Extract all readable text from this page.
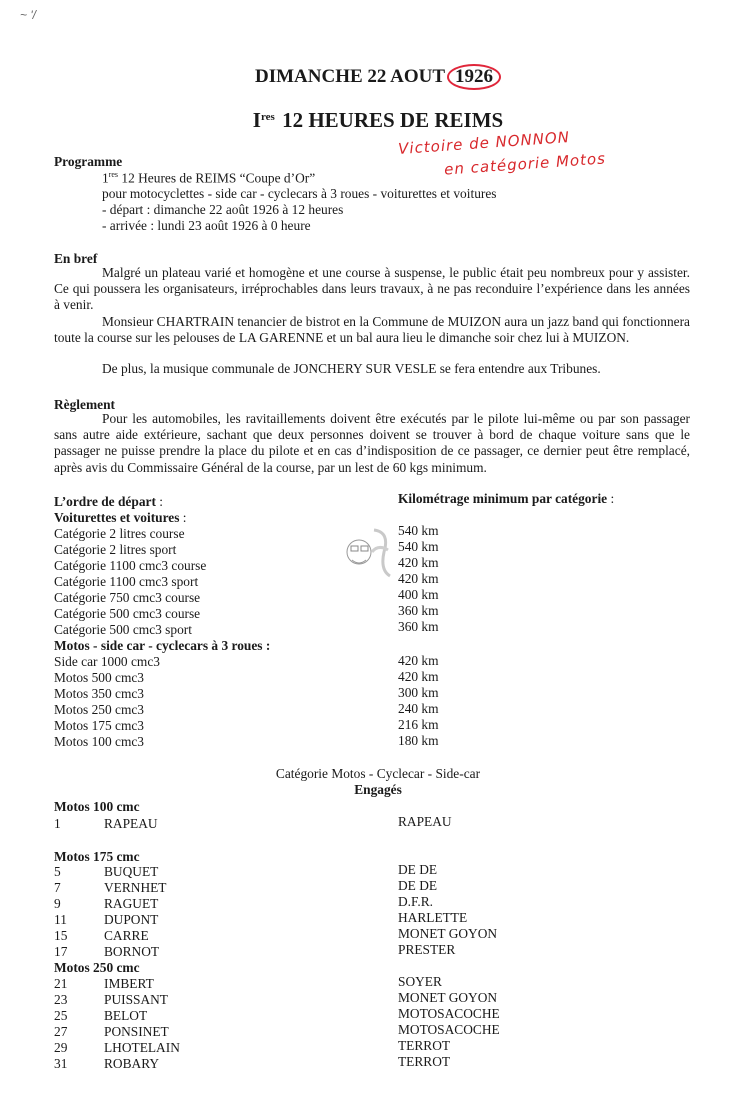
~ '/
DIMANCHE 22 AOUT 1926
Ires 12 HEURES DE REIMS
Victoire de NONNON
en catégorie Motos
Programme
1res 12 Heures de REIMS “Coupe d’Or”
pour motocyclettes - side car - cyclecars à 3 roues - voiturettes et voitures
- départ : dimanche 22 août 1926 à 12 heures
- arrivée : lundi 23 août 1926 à 0 heure
En bref

Malgré un plateau varié et homogène et une course à suspense, le public était peu nombreux pour y assister. Ce qui poussera les organisateurs, irréprochables dans leurs travaux, à ne pas reconduire l’expérience dans les années à venir.

Monsieur CHARTRAIN tenancier de bistrot en la Commune de MUIZON aura un jazz band qui fonctionnera toute la course sur les pelouses de LA GARENNE et un bal aura lieu le dimanche soir chez lui à MUIZON.

De plus, la musique communale de JONCHERY SUR VESLE se fera entendre aux Tribunes.

Règlement

Pour les automobiles, les ravitaillements doivent être exécutés par le pilote lui-même ou par son passager sans autre aide extérieure, sachant que deux personnes doivent se trouver à bord de chaque voiture sans que le passager ne puisse prendre la place du pilote et en cas d’indisposition de ce passager, ce dernier peut être remplacé, après avis du Commissaire Général de la course, par un lest de 60 kgs minimum.

L’ordre de départ :	Kilométrage minimum par catégorie :
Voiturettes et voitures :
Motos - side car - cyclecars à 3 roues :
Catégorie Motos - Cyclecar - Side-car
Engagés
Catégorie 2 litres course	540 km
Catégorie 2 litres sport	540 km
Catégorie 1100 cmc3 course	420 km
Catégorie 1100 cmc3 sport	420 km
Catégorie 750 cmc3 course	400 km
Catégorie 500 cmc3 course	360 km
Catégorie 500 cmc3 sport	360 km
Side car 1000 cmc3	420 km
Motos 500 cmc3	420 km
Motos 350 cmc3	300 km
Motos 250 cmc3	240 km
Motos 175 cmc3	216 km
Motos 100 cmc3	180 km
Motos 100 cmc
1	RAPEAU	RAPEAU
Motos 175 cmc
5	BUQUET	DE DE
7	VERNHET	DE DE
9	RAGUET	D.F.R.
11	DUPONT	HARLETTE
15	CARRE	MONET GOYON
17	BORNOT	PRESTER
Motos 250 cmc
21	IMBERT	SOYER
23	PUISSANT	MONET GOYON
25	BELOT	MOTOSACOCHE
27	PONSINET	MOTOSACOCHE
29	LHOTELAIN	TERROT
31	ROBARY	TERROT
